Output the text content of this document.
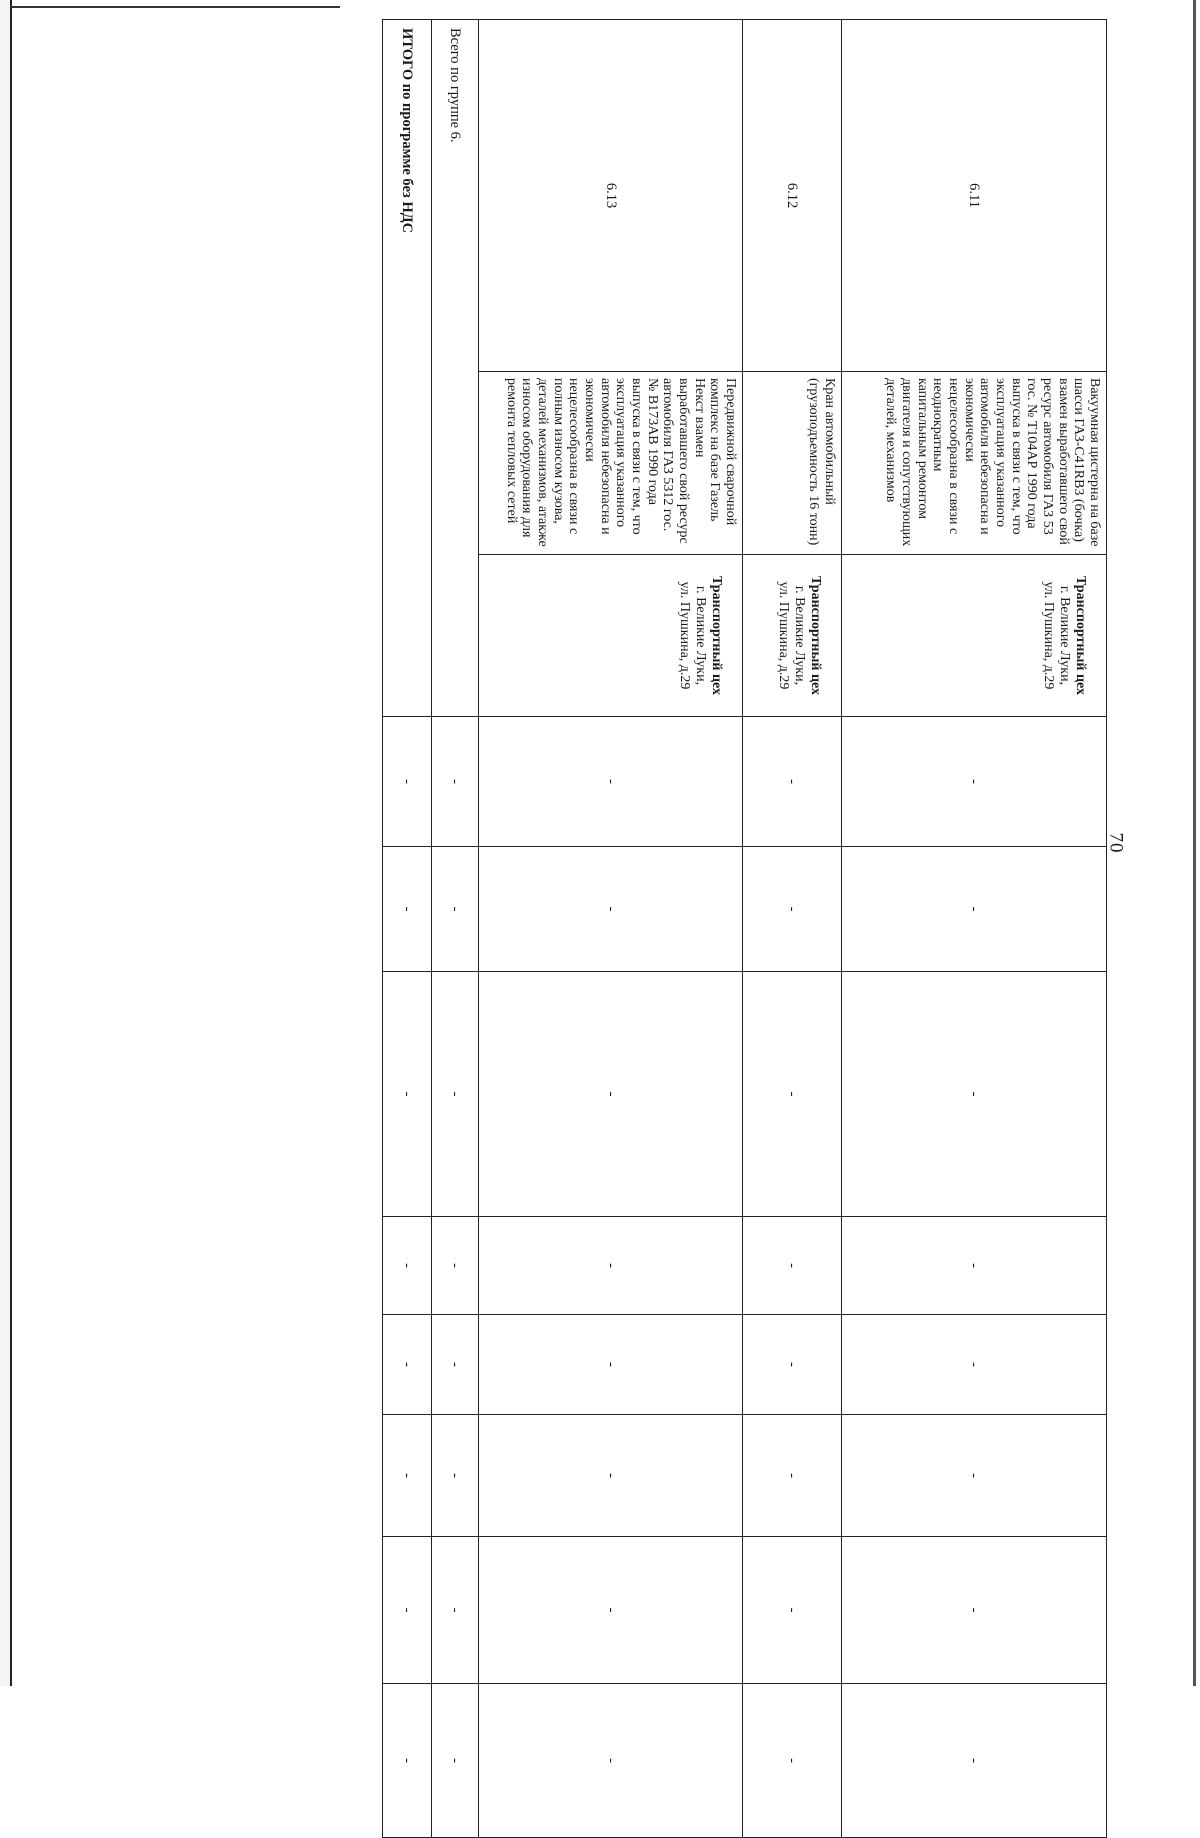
70
6.11	Вакуумная цистерна на базе шасси ГАЗ-С41RB3 (бочка) взамен выработавшего свой ресурс автомобиля ГАЗ 53 гос. № Т104АР 1990 года выпуска в связи с тем, что эксплуатация указанного автомобиля небезопасна и экономически нецелесообразна в связи с неоднократным капитальным ремонтом двигателя и сопутствующих деталей, механизмов
Транспортный цех
г. Великие Луки,
ул. Пушкина, д.29	-	-	-	-	-	-	-	-
6.12	Кран автомобильный (грузоподъемность 16 тонн)
Транспортный цех
г. Великие Луки,
ул. Пушкина, д.29	-	-	-	-	-	-	-	-
6.13	Передвижной сварочной комплекс на базе Газель Некст взамен выработавшего свой ресурс автомобиля ГАЗ 5312 гос. № В173АВ 1990 года выпуска в связи с тем, что эксплуатация указанного автомобиля небезопасна и экономически нецелесообразна в связи с полным износом кузова, деталей механизмов, атакже износом оборудования для ремонта тепловых сетей
Транспортный цех
г. Великие Луки,
ул. Пушкина, д.29	-	-	-	-	-	-	-	-
Всего по группе 6.		-	-	-	-	-	-	-	-
ИТОГО по программе без НДС		-	-	-	-	-	-	-	-
